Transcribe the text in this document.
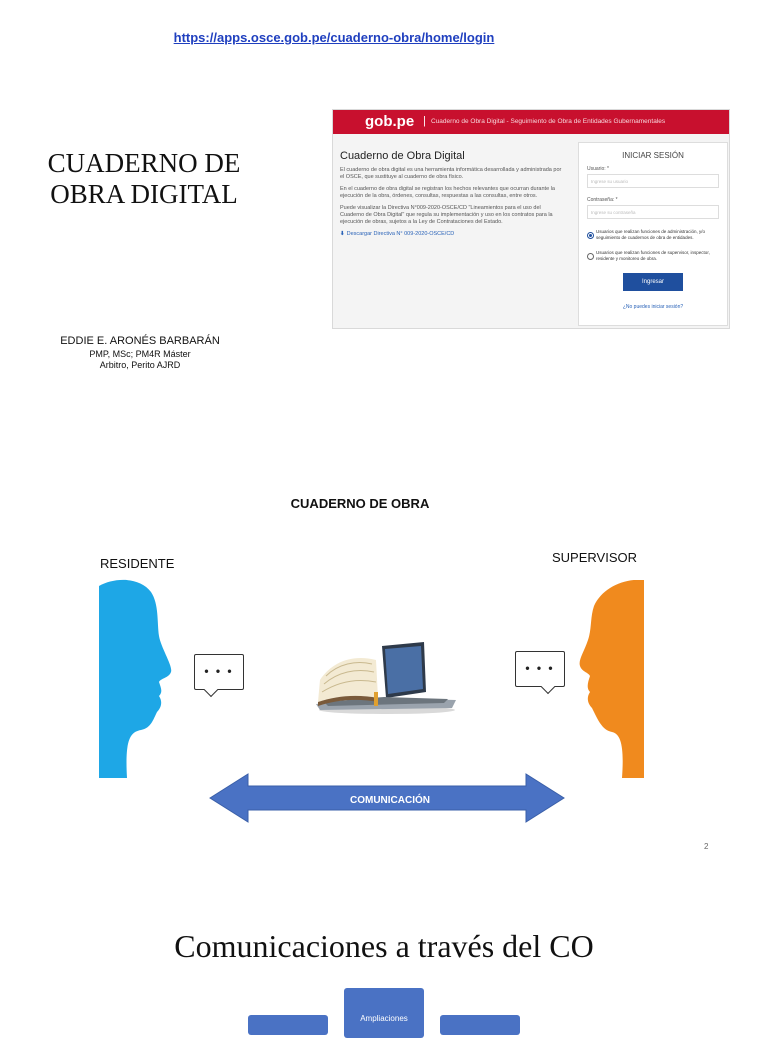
https://apps.osce.gob.pe/cuaderno-obra/home/login
CUADERNO DE
OBRA DIGITAL
EDDIE E. ARONÉS BARBARÁN
PMP, MSc; PM4R Máster
Arbitro, Perito AJRD
gob.pe | Cuaderno de Obra Digital - Seguimiento de Obra de Entidades Gubernamentales
Cuaderno de Obra Digital

El cuaderno de obra digital es una herramienta informática desarrollada y administrada por el OSCE, que sustituye al cuaderno de obra físico.

En el cuaderno de obra digital se registran los hechos relevantes que ocurran durante la ejecución de la obra, órdenes, consultas, respuestas a las consultas, entre otros.

Puede visualizar la Directiva N°009-2020-OSCE/CD "Lineamientos para el uso del Cuaderno de Obra Digital" que regula su implementación y uso en los contratos para la ejecución de obras, sujetos a la Ley de Contrataciones del Estado.

⬇ Descargar Directiva N° 009-2020-OSCE/CD
INICIAR SESIÓN
Usuario: *
Ingrese su usuario
Contraseña: *
Ingrese su contraseña
Usuarios que realizan funciones de administración, y/o seguimiento de cuadernos de obra de entidades.
Usuarios que realizan funciones de supervisor, inspector, residente y monitoreo de obra.
Ingresar
¿No puedes iniciar sesión?
CUADERNO DE OBRA
RESIDENTE	SUPERVISOR
• • •	• • •
COMUNICACIÓN
2
Comunicaciones a través del CO
Ampliaciones
